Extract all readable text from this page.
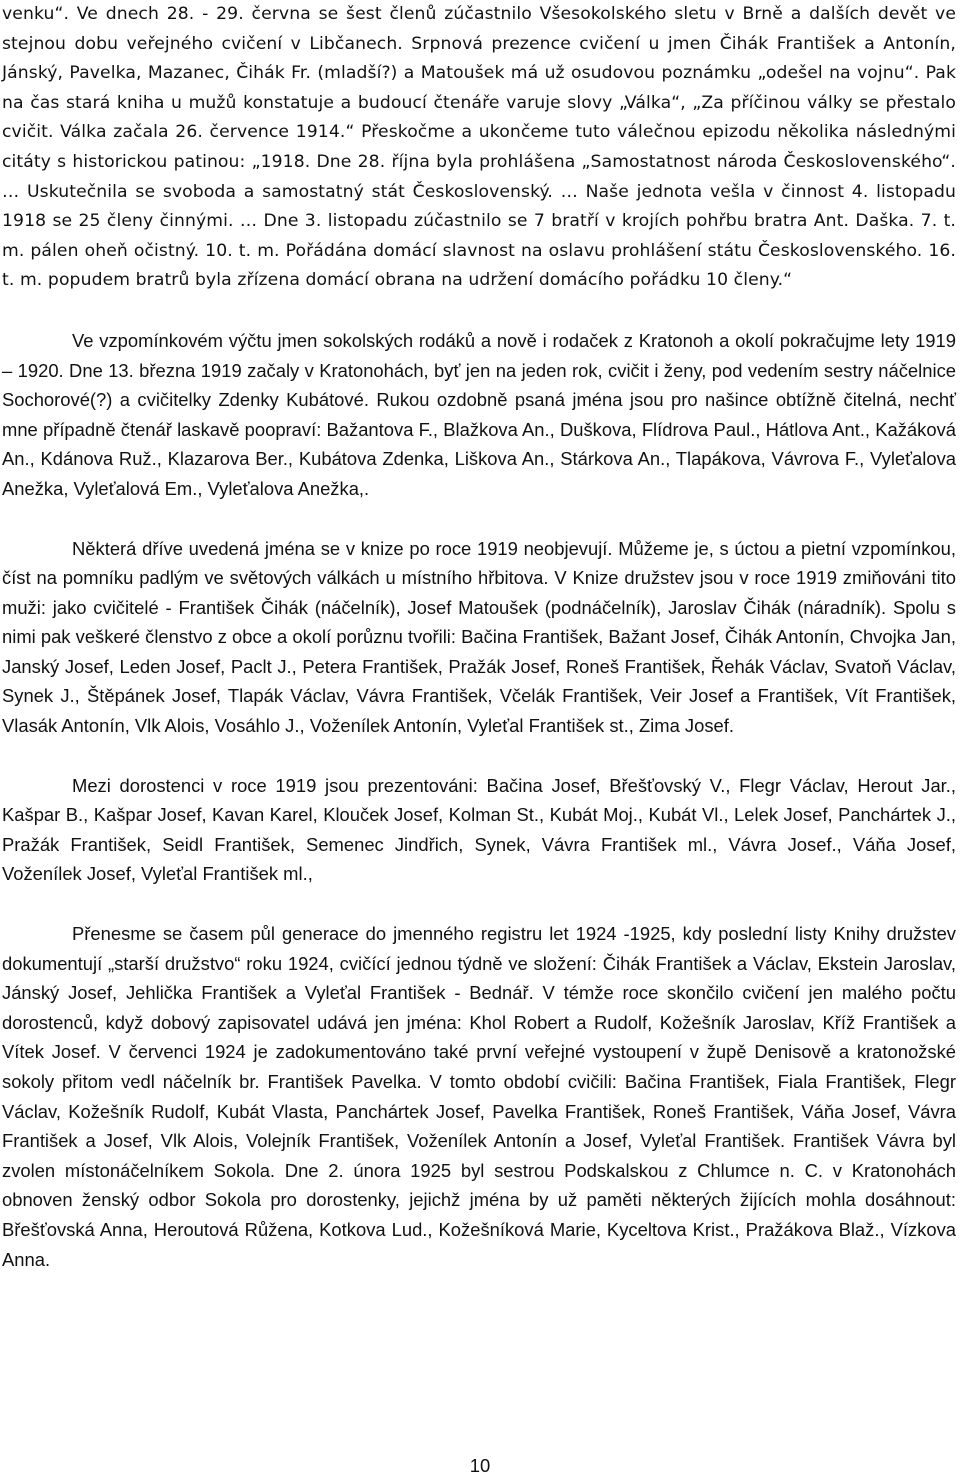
venku“. Ve dnech 28. - 29. června se šest členů zúčastnilo Všesokolského sletu v Brně a dalších devět ve stejnou dobu veřejného cvičení v Libčanech. Srpnová prezence cvičení u jmen Čihák František a Antonín, Jánský, Pavelka, Mazanec, Čihák Fr. (mladší?) a Matoušek má už osudovou poznámku „odešel na vojnu“. Pak na čas stará kniha u mužů konstatuje a budoucí čtenáře varuje slovy „Válka“, „Za příčinou války se přestalo cvičit. Válka začala 26. července 1914.“ Přeskočme a ukončeme tuto válečnou epizodu několika následnými citáty s historickou patinou: „1918. Dne 28. října byla prohlášena „Samostatnost národa Československého“. … Uskutečnila se svoboda a samostatný stát Československý. … Naše jednota vešla v činnost 4. listopadu 1918 se 25 členy činnými. … Dne 3. listopadu zúčastnilo se 7 bratří v krojích pohřbu bratra Ant. Daška. 7. t. m. pálen oheň očistný. 10. t. m. Pořádána domácí slavnost na oslavu prohlášení státu Československého. 16. t. m. popudem bratrů byla zřízena domácí obrana na udržení domácího pořádku 10 členy.“

Ve vzpomínkovém výčtu jmen sokolských rodáků a nově i rodaček z Kratonoh a okolí pokračujme lety 1919 – 1920. Dne 13. března 1919 začaly v Kratonohách, byť jen na jeden rok, cvičit i ženy, pod vedením sestry náčelnice Sochorové(?) a cvičitelky Zdenky Kubátové. Rukou ozdobně psaná jména jsou pro našince obtížně čitelná, nechť mne případně čtenář laskavě poopraví: Bažantova F., Blažkova An., Duškova, Flídrova Paul., Hátlova Ant., Kažáková An., Kdánova Ruž., Klazarova Ber., Kubátova Zdenka, Liškova An., Stárkova An., Tlapákova, Vávrova F., Vyleťalova Anežka, Vyleťalová Em., Vyleťalova Anežka,.

Některá dříve uvedená jména se v knize po roce 1919 neobjevují. Můžeme je, s úctou a pietní vzpomínkou, číst na pomníku padlým ve světových válkách u místního hřbitova. V Knize družstev jsou v roce 1919 zmiňováni tito muži: jako cvičitelé - František Čihák (náčelník), Josef Matoušek (podnáčelník), Jaroslav Čihák (náradník). Spolu s nimi pak veškeré členstvo z obce a okolí porůznu tvořili: Bačina František, Bažant Josef, Čihák Antonín, Chvojka Jan, Janský Josef, Leden Josef, Paclt J., Petera František, Pražák Josef, Roneš František, Řehák Václav, Svatoň Václav, Synek J., Štěpánek Josef, Tlapák Václav, Vávra František, Včelák František, Veir Josef a František, Vít František, Vlasák Antonín, Vlk Alois, Vosáhlo J., Voženílek Antonín, Vyleťal František st., Zima Josef.

Mezi dorostenci v roce 1919 jsou prezentováni: Bačina Josef, Břešťovský V., Flegr Václav, Herout Jar., Kašpar B., Kašpar Josef, Kavan Karel, Klouček Josef, Kolman St., Kubát Moj., Kubát Vl., Lelek Josef, Panchártek J., Pražák František, Seidl František, Semenec Jindřich, Synek, Vávra František ml., Vávra Josef., Váňa Josef, Voženílek Josef, Vyleťal František ml.,

Přenesme se časem půl generace do jmenného registru let 1924 -1925, kdy poslední listy Knihy družstev dokumentují „starší družstvo“ roku 1924, cvičící jednou týdně ve složení: Čihák František a Václav, Ekstein Jaroslav, Jánský Josef, Jehlička František a Vyleťal František - Bednář. V témže roce skončilo cvičení jen malého počtu dorostenců, když dobový zapisovatel udává jen jména: Khol Robert a Rudolf, Kožešník Jaroslav, Kříž František a Vítek Josef. V červenci 1924 je zadokumentováno také první veřejné vystoupení v župě Denisově a kratonožské sokoly přitom vedl náčelník br. František Pavelka. V tomto období cvičili: Bačina František, Fiala František, Flegr Václav, Kožešník Rudolf, Kubát Vlasta, Panchártek Josef, Pavelka František, Roneš František, Váňa Josef, Vávra František a Josef, Vlk Alois, Volejník František, Voženílek Antonín a Josef, Vyleťal František. František Vávra byl zvolen místonáčelníkem Sokola. Dne 2. února 1925 byl sestrou Podskalskou z Chlumce n. C. v Kratonohách obnoven ženský odbor Sokola pro dorostenky, jejichž jména by už paměti některých žijících mohla dosáhnout: Břešťovská Anna, Heroutová Růžena, Kotkova Lud., Kožešníková Marie, Kyceltova Krist., Pražákova Blaž., Vízkova Anna.

10
